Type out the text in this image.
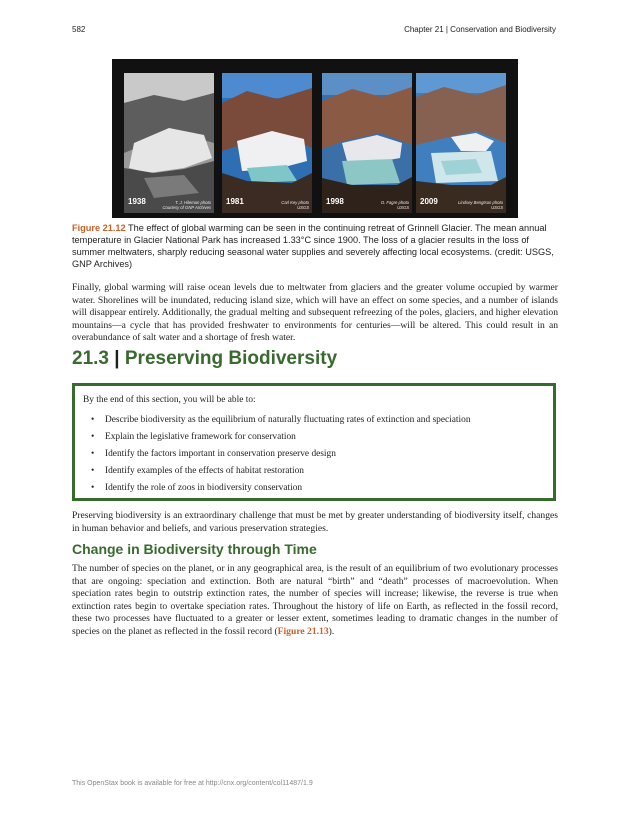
582	Chapter 21 | Conservation and Biodiversity
1938	T. J. Hileman photo
Courtesy of GNP Archives
1981	Carl Key photo
USGS
1998	D. Fagre photo
USGS
2009	Lindsey Bengtson photo
USGS
Figure 21.12 The effect of global warming can be seen in the continuing retreat of Grinnell Glacier. The mean annual temperature in Glacier National Park has increased 1.33°C since 1900. The loss of a glacier results in the loss of summer meltwaters, sharply reducing seasonal water supplies and severely affecting local ecosystems. (credit: USGS, GNP Archives)

Finally, global warming will raise ocean levels due to meltwater from glaciers and the greater volume occupied by warmer water. Shorelines will be inundated, reducing island size, which will have an effect on some species, and a number of islands will disappear entirely. Additionally, the gradual melting and subsequent refreezing of the poles, glaciers, and higher elevation mountains—a cycle that has provided freshwater to environments for centuries—will be altered. This could result in an overabundance of salt water and a shortage of fresh water.

21.3 | Preserving Biodiversity
By the end of this section, you will be able to:
• Describe biodiversity as the equilibrium of naturally fluctuating rates of extinction and speciation
• Explain the legislative framework for conservation
• Identify the factors important in conservation preserve design
• Identify examples of the effects of habitat restoration
• Identify the role of zoos in biodiversity conservation

Preserving biodiversity is an extraordinary challenge that must be met by greater understanding of biodiversity itself, changes in human behavior and beliefs, and various preservation strategies.

Change in Biodiversity through Time

The number of species on the planet, or in any geographical area, is the result of an equilibrium of two evolutionary processes that are ongoing: speciation and extinction. Both are natural “birth” and “death” processes of macroevolution. When speciation rates begin to outstrip extinction rates, the number of species will increase; likewise, the reverse is true when extinction rates begin to overtake speciation rates. Throughout the history of life on Earth, as reflected in the fossil record, these two processes have fluctuated to a greater or lesser extent, sometimes leading to dramatic changes in the number of species on the planet as reflected in the fossil record (Figure 21.13).

This OpenStax book is available for free at http://cnx.org/content/col11487/1.9
